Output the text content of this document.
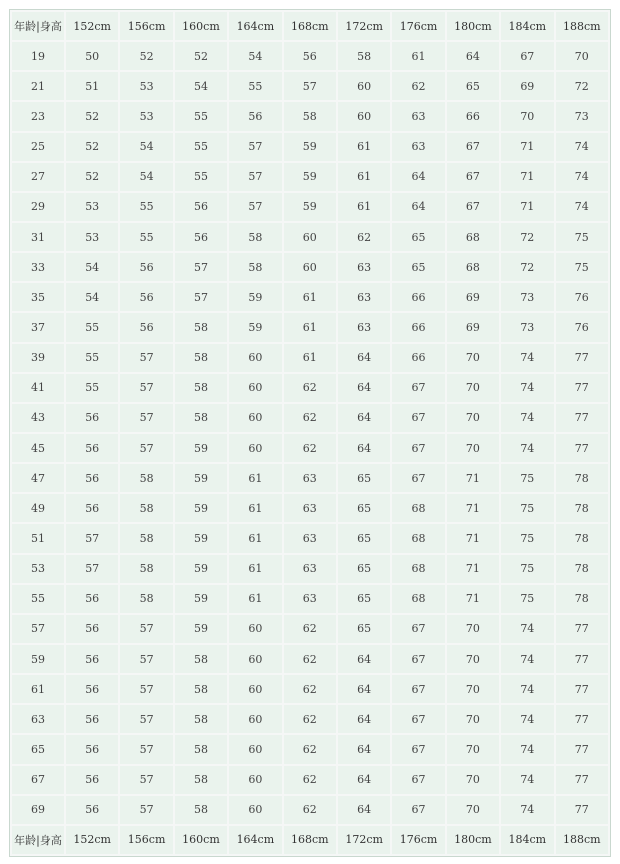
年龄|身高	152cm	156cm	160cm	164cm	168cm	172cm	176cm	180cm	184cm	188cm
19	50	52	52	54	56	58	61	64	67	70
21	51	53	54	55	57	60	62	65	69	72
23	52	53	55	56	58	60	63	66	70	73
25	52	54	55	57	59	61	63	67	71	74
27	52	54	55	57	59	61	64	67	71	74
29	53	55	56	57	59	61	64	67	71	74
31	53	55	56	58	60	62	65	68	72	75
33	54	56	57	58	60	63	65	68	72	75
35	54	56	57	59	61	63	66	69	73	76
37	55	56	58	59	61	63	66	69	73	76
39	55	57	58	60	61	64	66	70	74	77
41	55	57	58	60	62	64	67	70	74	77
43	56	57	58	60	62	64	67	70	74	77
45	56	57	59	60	62	64	67	70	74	77
47	56	58	59	61	63	65	67	71	75	78
49	56	58	59	61	63	65	68	71	75	78
51	57	58	59	61	63	65	68	71	75	78
53	57	58	59	61	63	65	68	71	75	78
55	56	58	59	61	63	65	68	71	75	78
57	56	57	59	60	62	65	67	70	74	77
59	56	57	58	60	62	64	67	70	74	77
61	56	57	58	60	62	64	67	70	74	77
63	56	57	58	60	62	64	67	70	74	77
65	56	57	58	60	62	64	67	70	74	77
67	56	57	58	60	62	64	67	70	74	77
69	56	57	58	60	62	64	67	70	74	77
年龄|身高	152cm	156cm	160cm	164cm	168cm	172cm	176cm	180cm	184cm	188cm
